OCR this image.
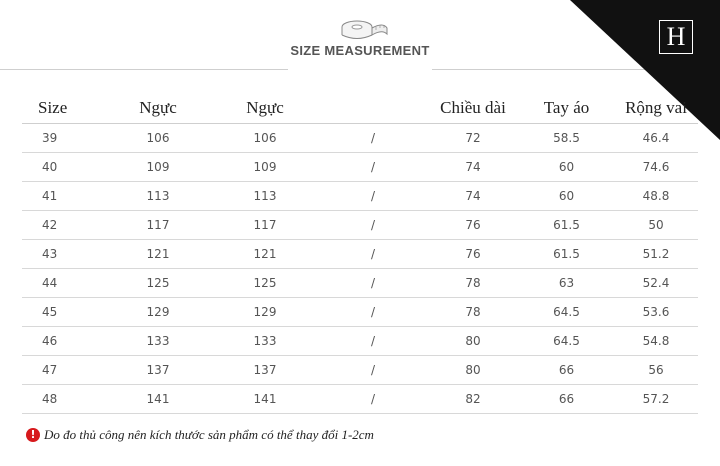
SIZE MEASUREMENT	H
Size	Ngực	Ngực		Chiều dài	Tay áo	Rộng vai
39	106	106	/	72	58.5	46.4
40	109	109	/	74	60	74.6
41	113	113	/	74	60	48.8
42	117	117	/	76	61.5	50
43	121	121	/	76	61.5	51.2
44	125	125	/	78	63	52.4
45	129	129	/	78	64.5	53.6
46	133	133	/	80	64.5	54.8
47	137	137	/	80	66	56
48	141	141	/	82	66	57.2
! Do đo thủ công nên kích thước sản phẩm có thể thay đổi 1-2cm
